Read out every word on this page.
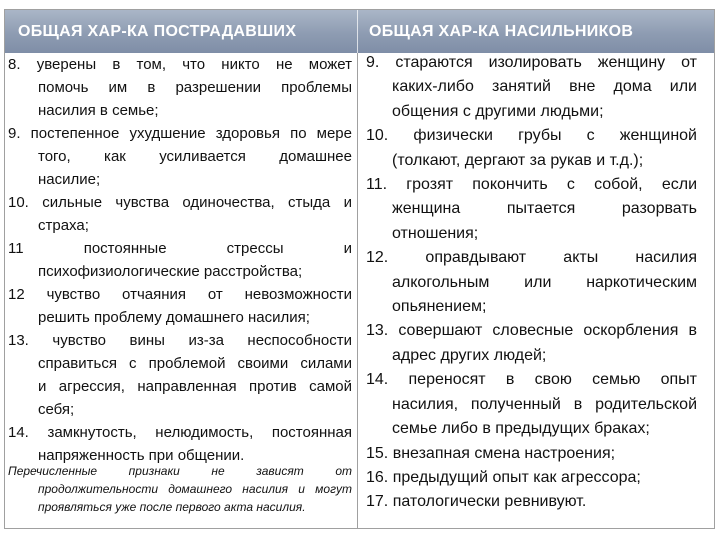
ОБЩАЯ ХАР-КА ПОСТРАДАВШИХ	ОБЩАЯ ХАР-КА НАСИЛЬНИКОВ
8. уверены в том, что никто не может
помочь им в разрешении проблемы
насилия в семье;
9. постепенное ухудшение здоровья по мере
того, как усиливается домашнее
насилие;
10. сильные чувства одиночества, стыда и
страха;
11	постоянные стрессы и
психофизиологические расстройства;
12 чувство отчаяния от невозможности
решить проблему домашнего насилия;
13. чувство вины из-за неспособности
справиться с проблемой своими силами
и агрессия, направленная против самой
себя;
14. замкнутость, нелюдимость, постоянная
напряженность при общении.
Перечисленные признаки не зависят от
продолжительности домашнего насилия и могут
проявляться уже после первого акта насилия.
9. стараются изолировать женщину от
каких-либо занятий вне дома или
общения с другими людьми;
10. физически грубы с женщиной
(толкают, дергают за рукав и т.д.);
11. грозят покончить с собой, если
женщина пытается разорвать
отношения;
12. оправдывают акты насилия
алкогольным или наркотическим
опьянением;
13. совершают словесные оскорбления в
адрес других людей;
14. переносят в свою семью опыт
насилия, полученный в родительской
семье либо в предыдущих браках;
15. внезапная смена настроения;
16. предыдущий опыт как агрессора;
17. патологически ревнивуют.
